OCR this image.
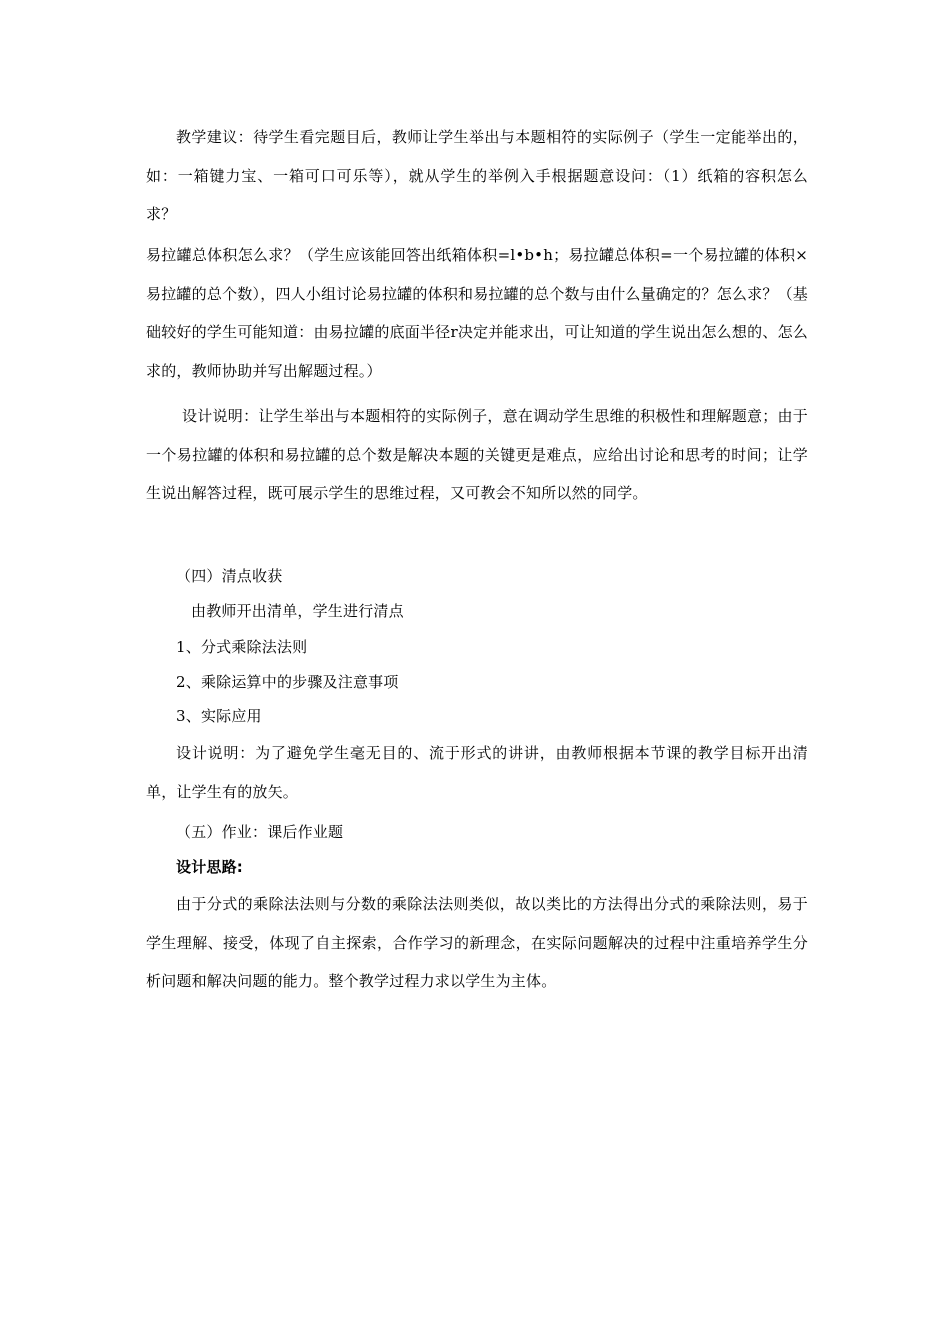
教学建议：待学生看完题目后，教师让学生举出与本题相符的实际例子（学生一定能举出的，如：一箱键力宝、一箱可口可乐等），就从学生的举例入手根据题意设问：（1）纸箱的容积怎么求？

易拉罐总体积怎么求？（学生应该能回答出纸箱体积=l•b•h；易拉罐总体积=一个易拉罐的体积×易拉罐的总个数），四人小组讨论易拉罐的体积和易拉罐的总个数与由什么量确定的？怎么求？（基础较好的学生可能知道：由易拉罐的底面半径r决定并能求出，可让知道的学生说出怎么想的、怎么求的，教师协助并写出解题过程。）

设计说明：让学生举出与本题相符的实际例子，意在调动学生思维的积极性和理解题意；由于一个易拉罐的体积和易拉罐的总个数是解决本题的关键更是难点，应给出讨论和思考的时间；让学生说出解答过程，既可展示学生的思维过程，又可教会不知所以然的同学。

（四）清点收获

由教师开出清单，学生进行清点

1、分式乘除法法则

2、乘除运算中的步骤及注意事项

3、实际应用

设计说明：为了避免学生毫无目的、流于形式的讲讲，由教师根据本节课的教学目标开出清单，让学生有的放矢。

（五）作业：课后作业题

设计思路:

由于分式的乘除法法则与分数的乘除法法则类似，故以类比的方法得出分式的乘除法则，易于学生理解、接受，体现了自主探索，合作学习的新理念，在实际问题解决的过程中注重培养学生分析问题和解决问题的能力。整个教学过程力求以学生为主体。
